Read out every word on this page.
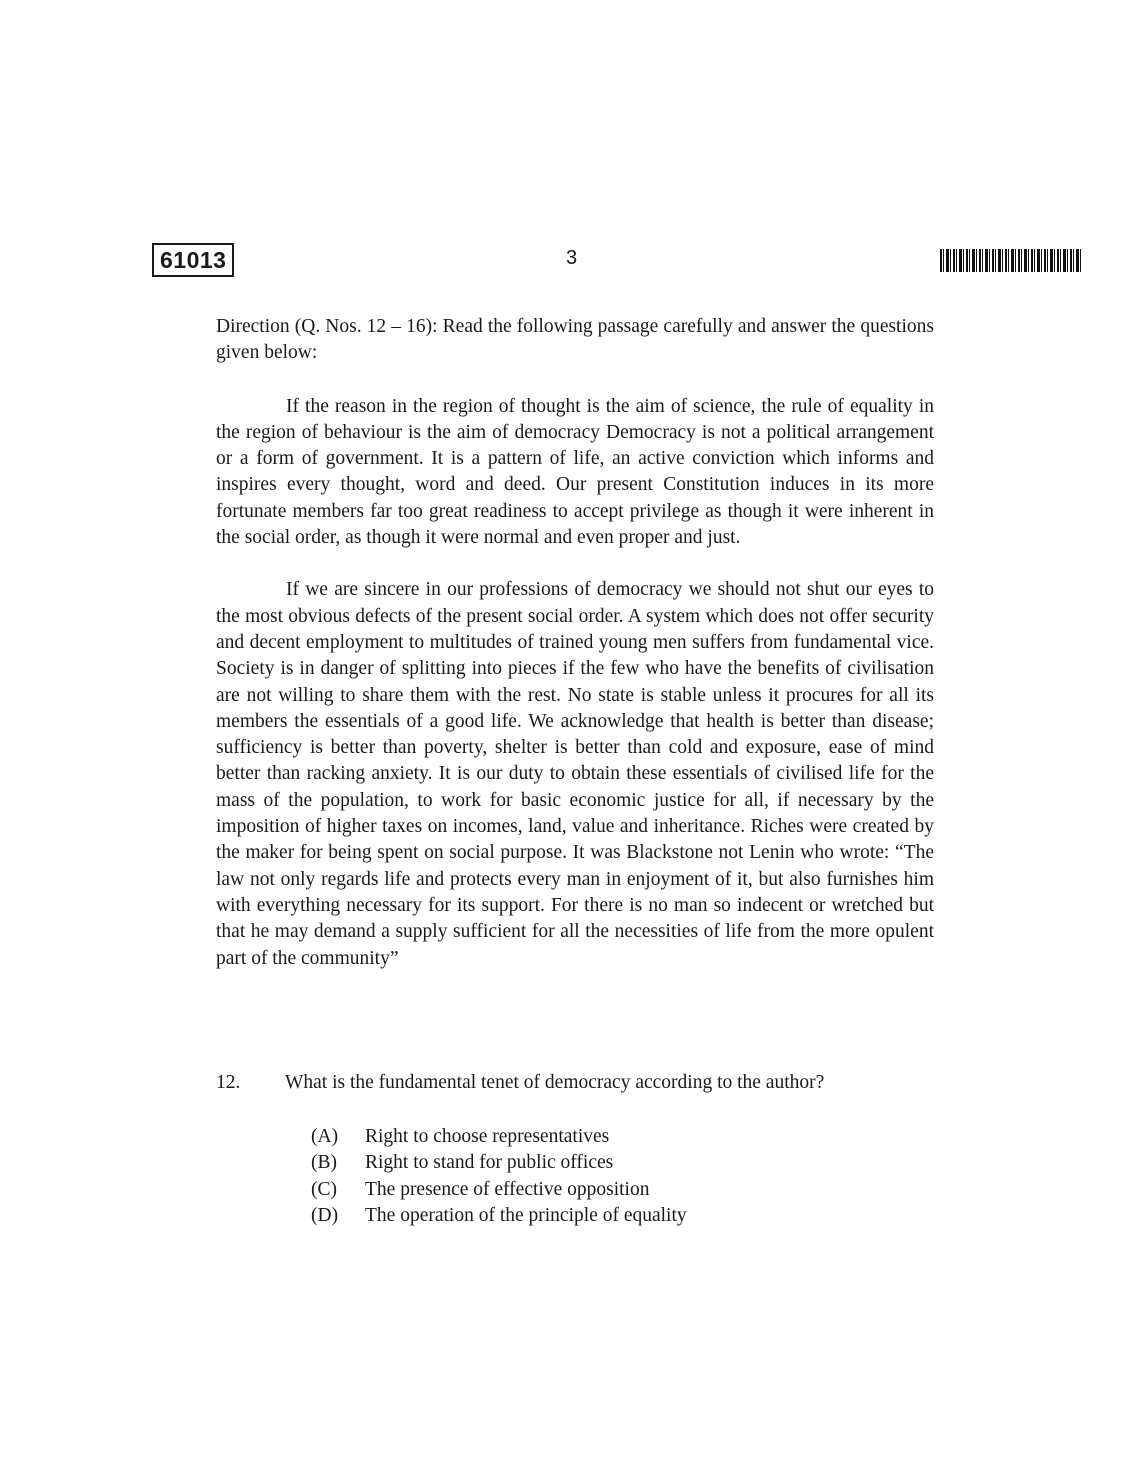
61013	3

Direction (Q. Nos. 12 – 16): Read the following passage carefully and answer the questions given below:

If the reason in the region of thought is the aim of science, the rule of equality in the region of behaviour is the aim of democracy Democracy is not a political arrangement or a form of government. It is a pattern of life, an active conviction which informs and inspires every thought, word and deed. Our present Constitution induces in its more fortunate members far too great readiness to accept privilege as though it were inherent in the social order, as though it were normal and even proper and just.

If we are sincere in our professions of democracy we should not shut our eyes to the most obvious defects of the present social order. A system which does not offer security and decent employment to multitudes of trained young men suffers from fundamental vice. Society is in danger of splitting into pieces if the few who have the benefits of civilisation are not willing to share them with the rest. No state is stable unless it procures for all its members the essentials of a good life. We acknowledge that health is better than disease; sufficiency is better than poverty, shelter is better than cold and exposure, ease of mind better than racking anxiety. It is our duty to obtain these essentials of civilised life for the mass of the population, to work for basic economic justice for all, if necessary by the imposition of higher taxes on incomes, land, value and inheritance. Riches were created by the maker for being spent on social purpose. It was Blackstone not Lenin who wrote: “The law not only regards life and protects every man in enjoyment of it, but also furnishes him with everything necessary for its support. For there is no man so indecent or wretched but that he may demand a supply sufficient for all the necessities of life from the more opulent part of the community”

12. What is the fundamental tenet of democracy according to the author?
(A)	Right to choose representatives
(B)	Right to stand for public offices
(C)	The presence of effective opposition
(D)	The operation of the principle of equality
